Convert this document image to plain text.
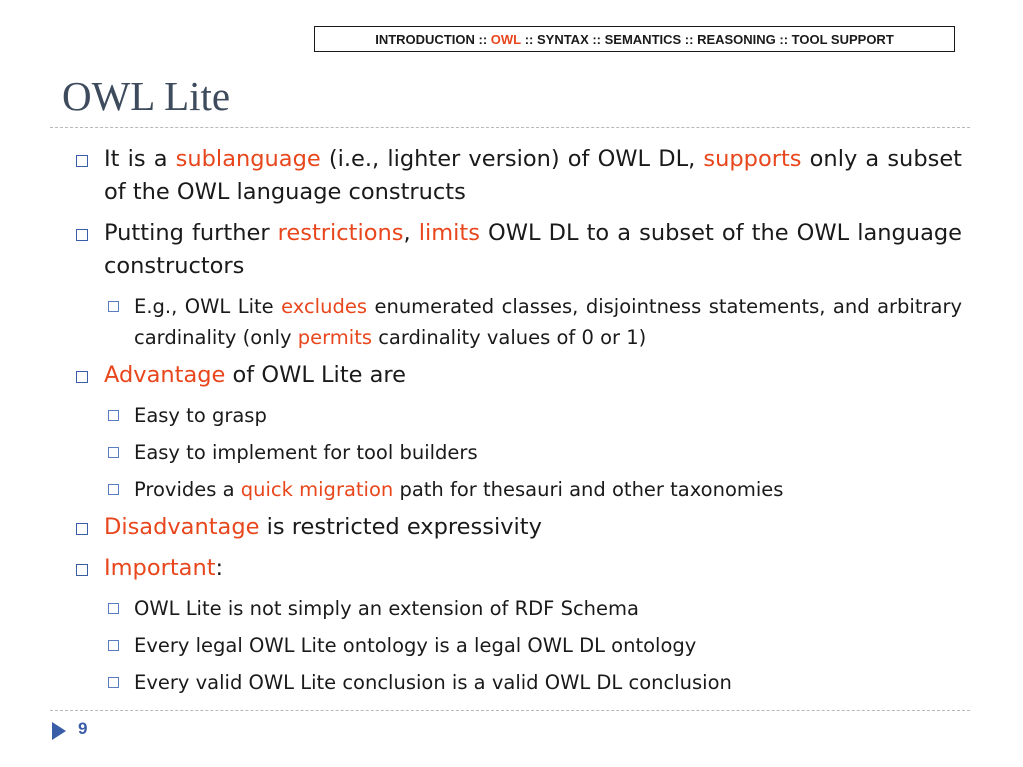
INTRODUCTION :: OWL :: SYNTAX :: SEMANTICS :: REASONING :: TOOL SUPPORT
OWL Lite
It is a sublanguage (i.e., lighter version) of OWL DL, supports only a subset of the OWL language constructs
Putting further restrictions, limits OWL DL to a subset of the OWL language constructors
E.g., OWL Lite excludes enumerated classes, disjointness statements, and arbitrary cardinality (only permits cardinality values of 0 or 1)
Advantage of OWL Lite are
Easy to grasp
Easy to implement for tool builders
Provides a quick migration path for thesauri and other taxonomies
Disadvantage is restricted expressivity
Important:
OWL Lite is not simply an extension of RDF Schema
Every legal OWL Lite ontology is a legal OWL DL ontology
Every valid OWL Lite conclusion is a valid OWL DL conclusion
9
